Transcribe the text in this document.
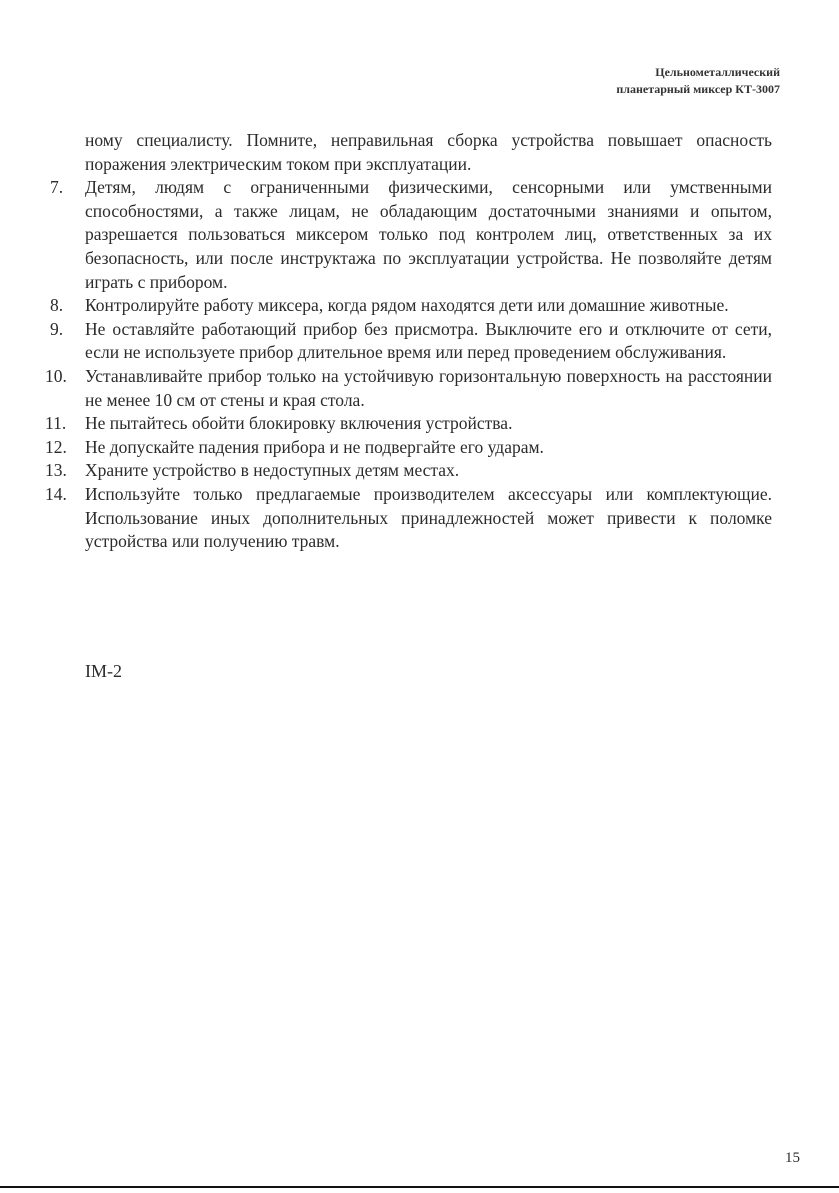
Цельнометаллический
планетарный миксер КТ-3007
ному специалисту. Помните, неправильная сборка устройства повышает опасность поражения электрическим током при эксплуатации.
7.	Детям, людям с ограниченными физическими, сенсорными или умственными способностями, а также лицам, не обладающим достаточными знаниями и опытом, разрешается пользоваться миксером только под контролем лиц, ответственных за их безопасность, или после инструктажа по эксплуатации устройства. Не позволяйте детям играть с прибором.
8.	Контролируйте работу миксера, когда рядом находятся дети или домашние животные.
9.	Не оставляйте работающий прибор без присмотра. Выключите его и отключите от сети, если не используете прибор длительное время или перед проведением обслуживания.
10.	Устанавливайте прибор только на устойчивую горизонтальную поверхность на расстоянии не менее 10 см от стены и края стола.
11.	Не пытайтесь обойти блокировку включения устройства.
12.	Не допускайте падения прибора и не подвергайте его ударам.
13.	Храните устройство в недоступных детям местах.
14.	Используйте только предлагаемые производителем аксессуары или комплектующие. Использование иных дополнительных принадлежностей может привести к поломке устройства или получению травм.
IM-2
15
